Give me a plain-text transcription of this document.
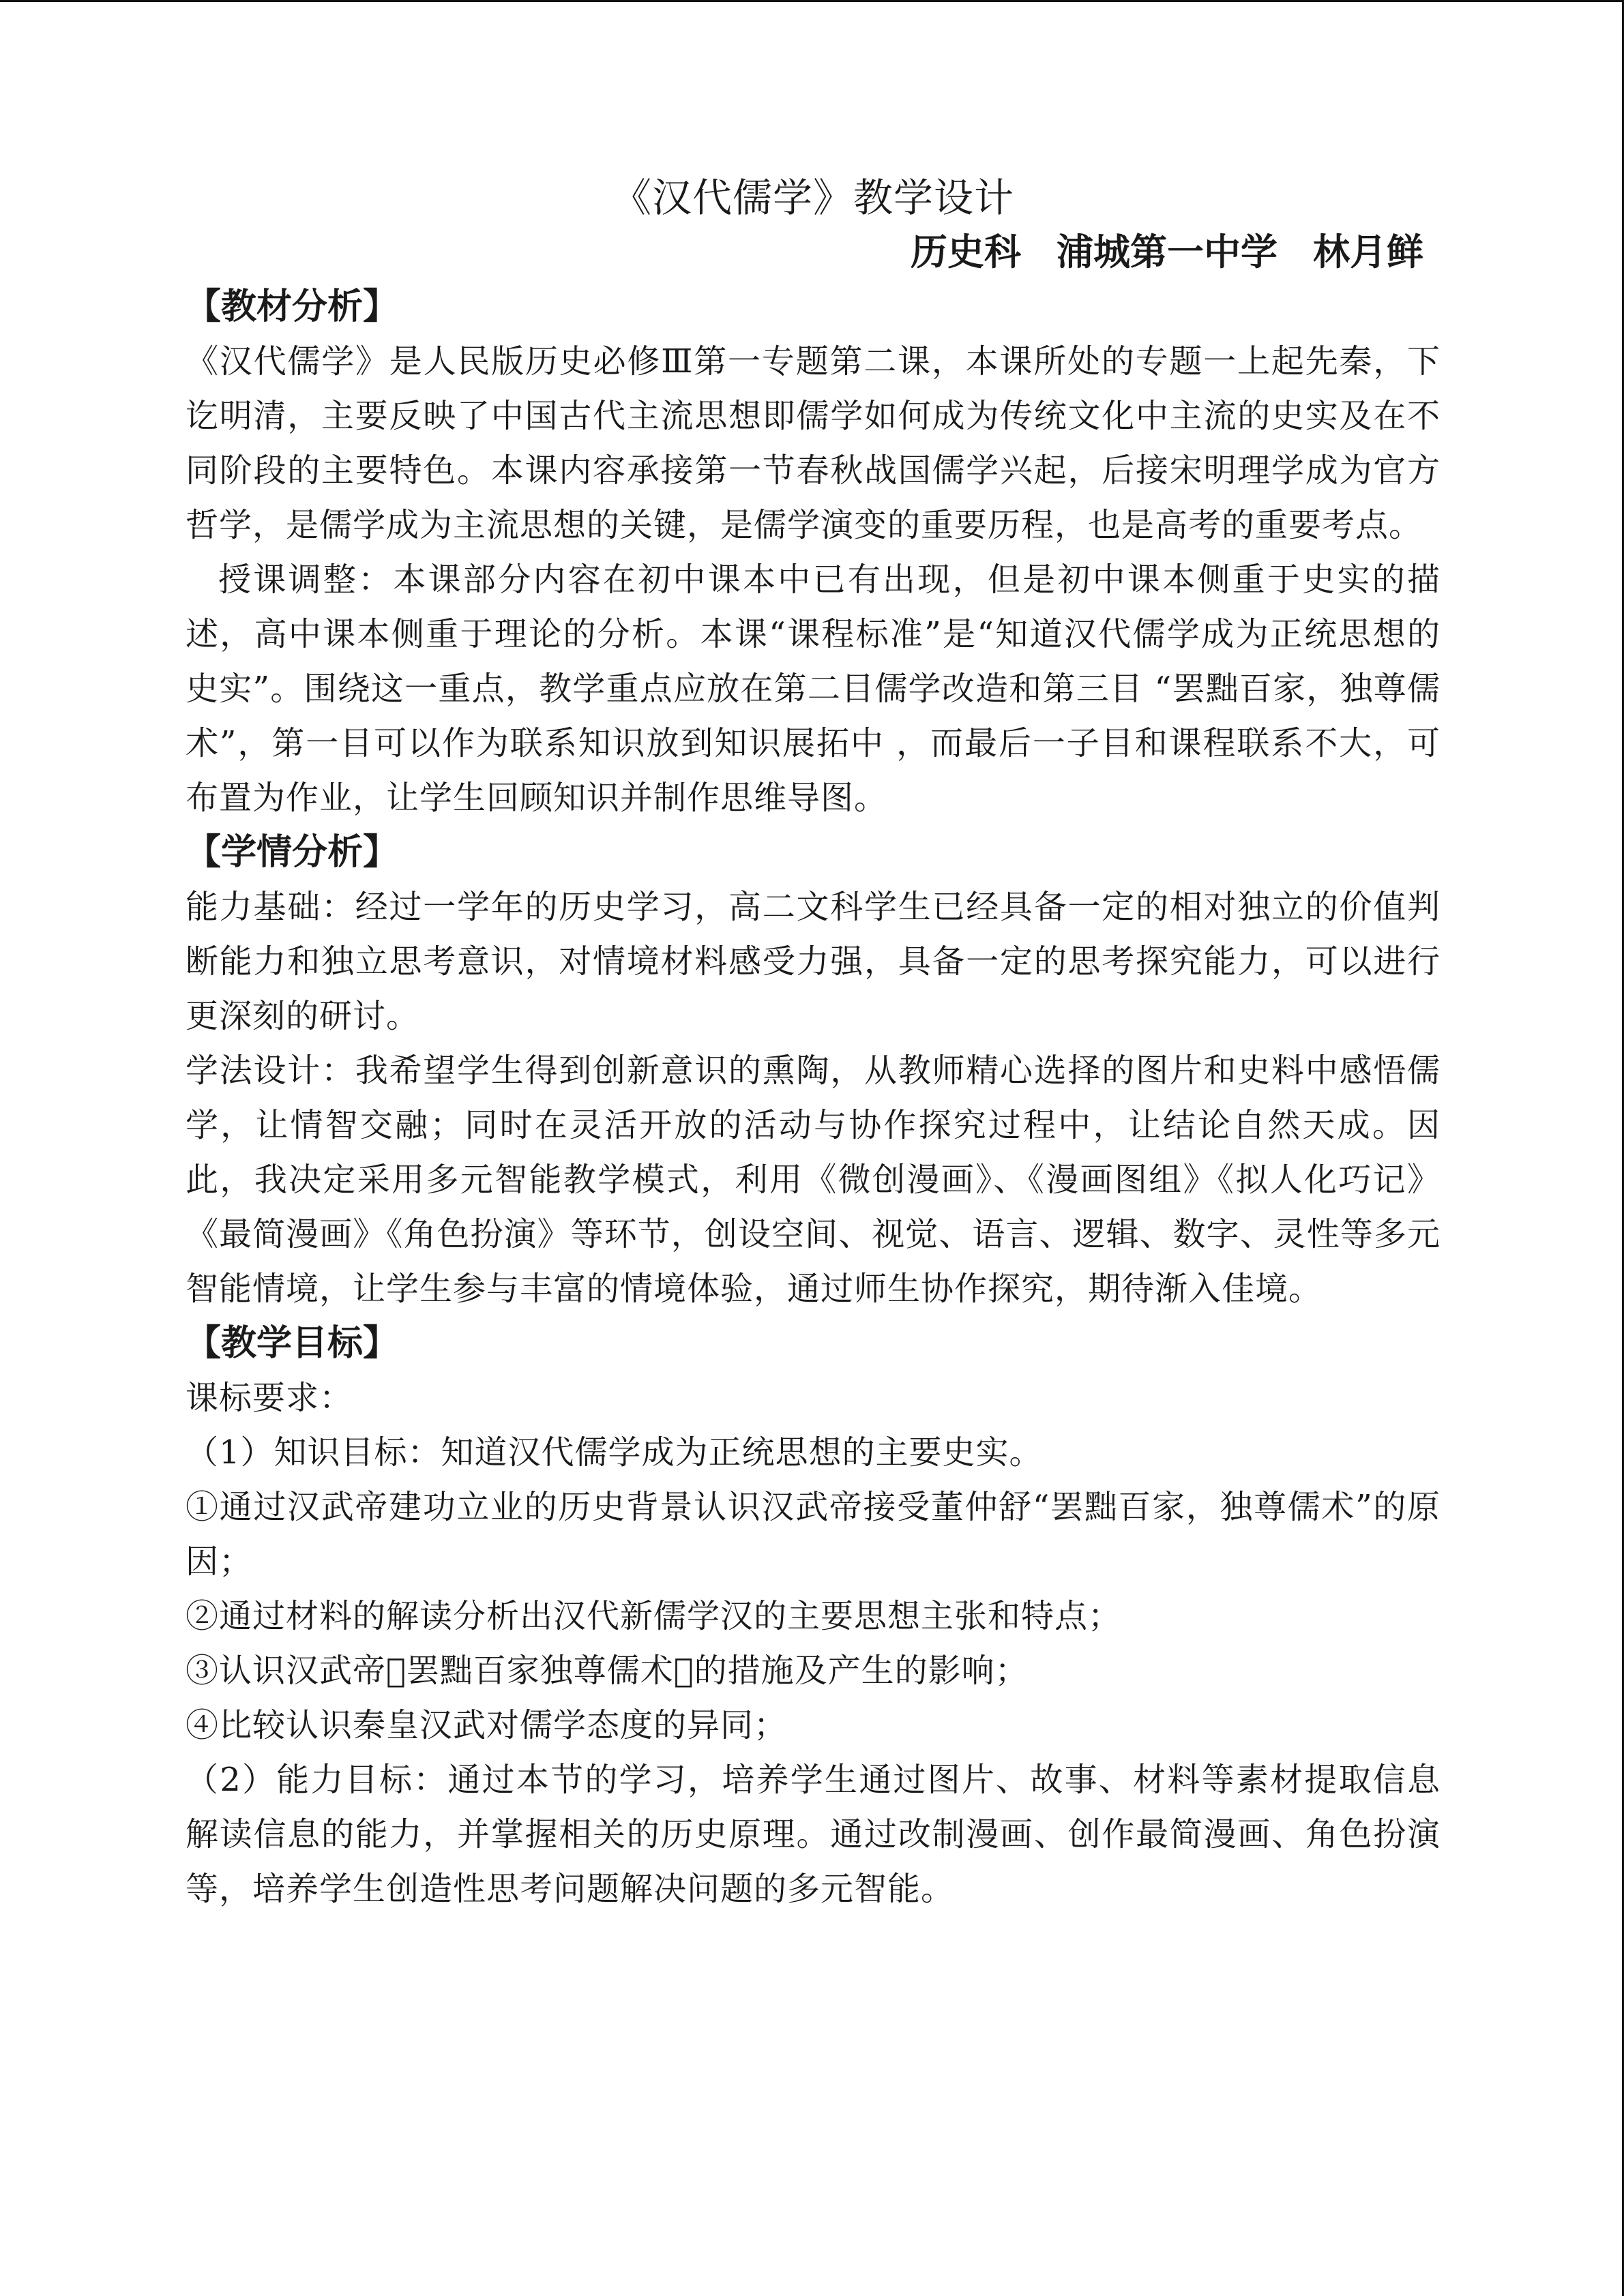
《汉代儒学》教学设计
历史科 浦城第一中学 林月鲜

【教材分析】

《汉代儒学》是人民版历史必修Ⅲ第一专题第二课，本课所处的专题一上起先秦，下讫明清，主要反映了中国古代主流思想即儒学如何成为传统文化中主流的史实及在不同阶段的主要特色。本课内容承接第一节春秋战国儒学兴起，后接宋明理学成为官方哲学，是儒学成为主流思想的关键，是儒学演变的重要历程，也是高考的重要考点。

授课调整：本课部分内容在初中课本中已有出现，但是初中课本侧重于史实的描述，高中课本侧重于理论的分析。本课“课程标准”是“知道汉代儒学成为正统思想的史实”。围绕这一重点，教学重点应放在第二目儒学改造和第三目 “罢黜百家，独尊儒术”，第一目可以作为联系知识放到知识展拓中 ，而最后一子目和课程联系不大，可布置为作业，让学生回顾知识并制作思维导图。

【学情分析】

能力基础：经过一学年的历史学习，高二文科学生已经具备一定的相对独立的价值判断能力和独立思考意识，对情境材料感受力强，具备一定的思考探究能力，可以进行更深刻的研讨。

学法设计：我希望学生得到创新意识的熏陶，从教师精心选择的图片和史料中感悟儒学，让情智交融；同时在灵活开放的活动与协作探究过程中，让结论自然天成。因此，我决定采用多元智能教学模式，利用《微创漫画》、《漫画图组》《拟人化巧记》《最简漫画》《角色扮演》等环节，创设空间、视觉、语言、逻辑、数字、灵性等多元智能情境，让学生参与丰富的情境体验，通过师生协作探究，期待渐入佳境。

【教学目标】

课标要求：

（1）知识目标：知道汉代儒学成为正统思想的主要史实。

①通过汉武帝建功立业的历史背景认识汉武帝接受董仲舒“罢黜百家，独尊儒术”的原因；

②通过材料的解读分析出汉代新儒学汉的主要思想主张和特点；

③认识汉武帝 罢黜百家独尊儒术 的措施及产生的影响；

④比较认识秦皇汉武对儒学态度的异同；

（2）能力目标：通过本节的学习，培养学生通过图片、故事、材料等素材提取信息解读信息的能力，并掌握相关的历史原理。通过改制漫画、创作最简漫画、角色扮演等，培养学生创造性思考问题解决问题的多元智能。
